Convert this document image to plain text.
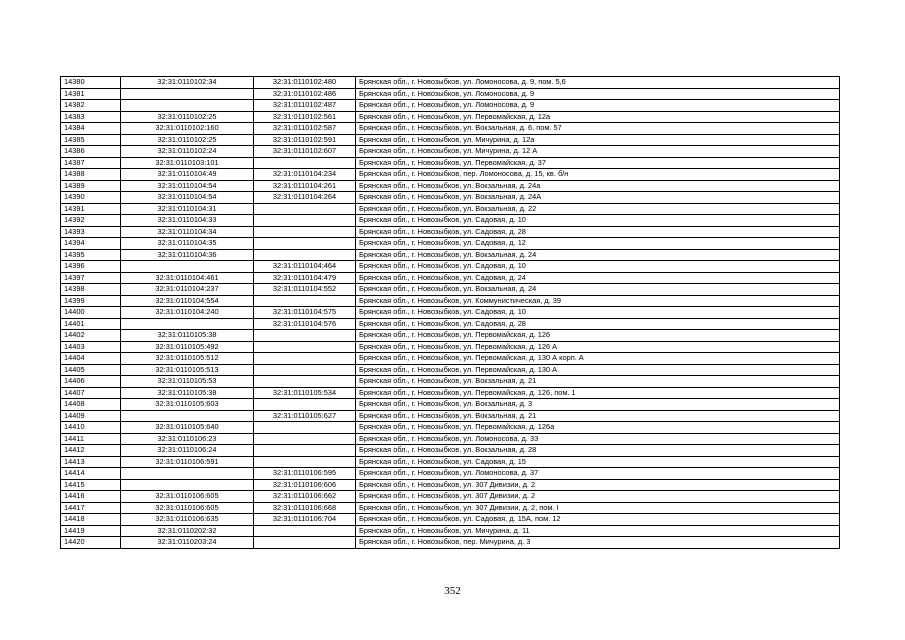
14380	32:31:0110102:34	32:31:0110102:480	Брянская обл., г. Новозыбков, ул. Ломоносова, д. 9, пом. 5,6
14381		32:31:0110102:486	Брянская обл., г. Новозыбков, ул. Ломоносова, д. 9
14382		32:31:0110102:487	Брянская обл., г. Новозыбков, ул. Ломоносова, д. 9
14383	32:31:0110102:25	32:31:0110102:561	Брянская обл., г. Новозыбков, ул. Первомайская, д. 12а
14384	32:31:0110102:160	32:31:0110102:587	Брянская обл., г. Новозыбков, ул. Вокзальная, д. 6, пом. 57
14385	32:31:0110102:25	32:31:0110102:591	Брянская обл., г. Новозыбков, ул. Мичурина, д. 12а
14386	32:31:0110102:24	32:31:0110102:607	Брянская обл., г. Новозыбков, ул. Мичурина, д. 12 А
14387	32:31:0110103:101		Брянская обл., г. Новозыбков, ул. Первомайская, д. 37
14388	32:31:0110104:49	32:31:0110104:234	Брянская обл., г. Новозыбков, пер. Ломоносова, д. 15, кв. б/н
14389	32:31:0110104:54	32:31:0110104:261	Брянская обл., г. Новозыбков, ул. Вокзальная, д. 24а
14390	32:31:0110104:54	32:31:0110104:264	Брянская обл., г. Новозыбков, ул. Вокзальная, д. 24А
14391	32:31:0110104:31		Брянская обл., г. Новозыбков, ул. Вокзальная, д. 22
14392	32:31:0110104:33		Брянская обл., г. Новозыбков, ул. Садовая, д. 10
14393	32:31:0110104:34		Брянская обл., г. Новозыбков, ул. Садовая, д. 28
14394	32:31:0110104:35		Брянская обл., г. Новозыбков, ул. Садовая, д. 12
14395	32:31:0110104:36		Брянская обл., г. Новозыбков, ул. Вокзальная, д. 24
14396		32:31:0110104:464	Брянская обл., г. Новозыбков, ул. Садовая, д. 10
14397	32:31:0110104:461	32:31:0110104:479	Брянская обл., г. Новозыбков, ул. Садовая, д. 24
14398	32:31:0110104:237	32:31:0110104:552	Брянская обл., г. Новозыбков, ул. Вокзальная, д. 24
14399	32:31:0110104:554		Брянская обл., г. Новозыбков, ул. Коммунистическая, д. 39
14400	32:31:0110104:240	32:31:0110104:575	Брянская обл., г. Новозыбков, ул. Садовая, д. 10
14401		32:31:0110104:576	Брянская обл., г. Новозыбков, ул. Садовая, д. 28
14402	32:31:0110105:38		Брянская обл., г. Новозыбков, ул. Первомайская, д. 126
14403	32:31:0110105:492		Брянская обл., г. Новозыбков, ул. Первомайская, д. 126 А
14404	32:31:0110105:512		Брянская обл., г. Новозыбков, ул. Первомайская, д. 130 А корп. А
14405	32:31:0110105:513		Брянская обл., г. Новозыбков, ул. Первомайская, д. 130 А
14406	32:31:0110105:53		Брянская обл., г. Новозыбков, ул. Вокзальная, д. 21
14407	32:31:0110105:38	32:31:0110105:534	Брянская обл., г. Новозыбков, ул. Первомайская, д. 126, пом. 1
14408	32:31:0110105:603		Брянская обл., г. Новозыбков, ул. Вокзальная, д. 3
14409		32:31:0110105:627	Брянская обл., г. Новозыбков, ул. Вокзальная, д. 21
14410	32:31:0110105:640		Брянская обл., г. Новозыбков, ул. Первомайская, д. 126а
14411	32:31:0110106:23		Брянская обл., г. Новозыбков, ул. Ломоносова, д. 33
14412	32:31:0110106:24		Брянская обл., г. Новозыбков, ул. Вокзальная, д. 28
14413	32:31:0110106:591		Брянская обл., г. Новозыбков, ул. Садовая, д. 15
14414		32:31:0110106:595	Брянская обл., г. Новозыбков, ул. Ломоносова, д. 37
14415		32:31:0110106:606	Брянская обл., г. Новозыбков, ул. 307 Дивизии, д. 2
14416	32:31:0110106:605	32:31:0110106:662	Брянская обл., г. Новозыбков, ул. 307 Дивизии, д. 2
14417	32:31:0110106:605	32:31:0110106:668	Брянская обл., г. Новозыбков, ул. 307 Дивизии, д. 2, пом. I
14418	32:31:0110106:635	32:31:0110106:704	Брянская обл., г. Новозыбков, ул. Садовая, д. 15А, пом. 12
14419	32:31:0110202:32		Брянская обл., г. Новозыбков, ул. Мичурина, д. 11
14420	32:31:0110203:24		Брянская обл., г. Новозыбков, пер. Мичурина, д. 3
352
